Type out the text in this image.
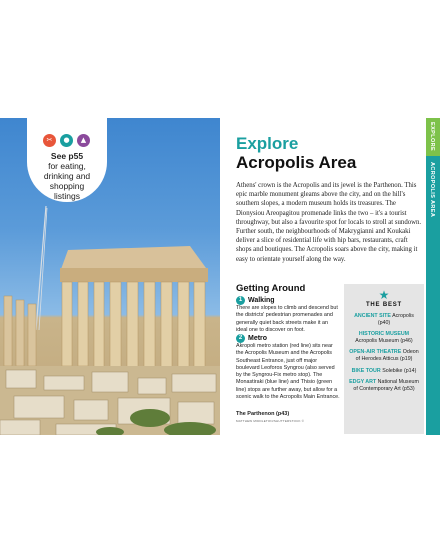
✂	●	▲
See p55
for eating,
drinking and
shopping
listings
Explore
Acropolis Area
Athens' crown is the Acropolis and its jewel is the Parthenon. This epic marble monument gleams above the city, and on the hill's southern slopes, a modern museum holds its treasures. The Dionysiou Areopagitou promenade links the two – it's a tourist throughway, but also a favourite spot for locals to stroll at sundown. Further south, the neighbourhoods of Makrygianni and Koukaki deliver a slice of residential life with hip bars, restaurants, craft shops and boutiques. The Acropolis soars above the city, making it easy to orientate yourself along the way.
Getting Around
1 Walking
There are slopes to climb and descend but the districts' pedestrian promenades and generally quiet back streets make it an ideal one to discover on foot.
2 Metro
Akropoli metro station (red line) sits near the Acropolis Museum and the Acropolis Southeast Entrance, just off major boulevard Leoforos Syngrou (also served by the Syngrou-Fix metro stop). The Monastiraki (blue line) and Thisio (green line) stops are further away, but allow for a scenic walk to the Acropolis Main Entrance.
The Parthenon (p43)
MATTHEW MIDDLETON/SHUTTERSTOCK ©
★
THE BEST
ANCIENT SITE Acropolis (p40)
HISTORIC MUSEUM Acropolis Museum (p46)
OPEN-AIR THEATRE Odeon of Herodes Atticus (p19)
BIKE TOUR Solebike (p14)
EDGY ART National Museum of Contemporary Art (p53)
EXPLORE
ACROPOLIS AREA
37
